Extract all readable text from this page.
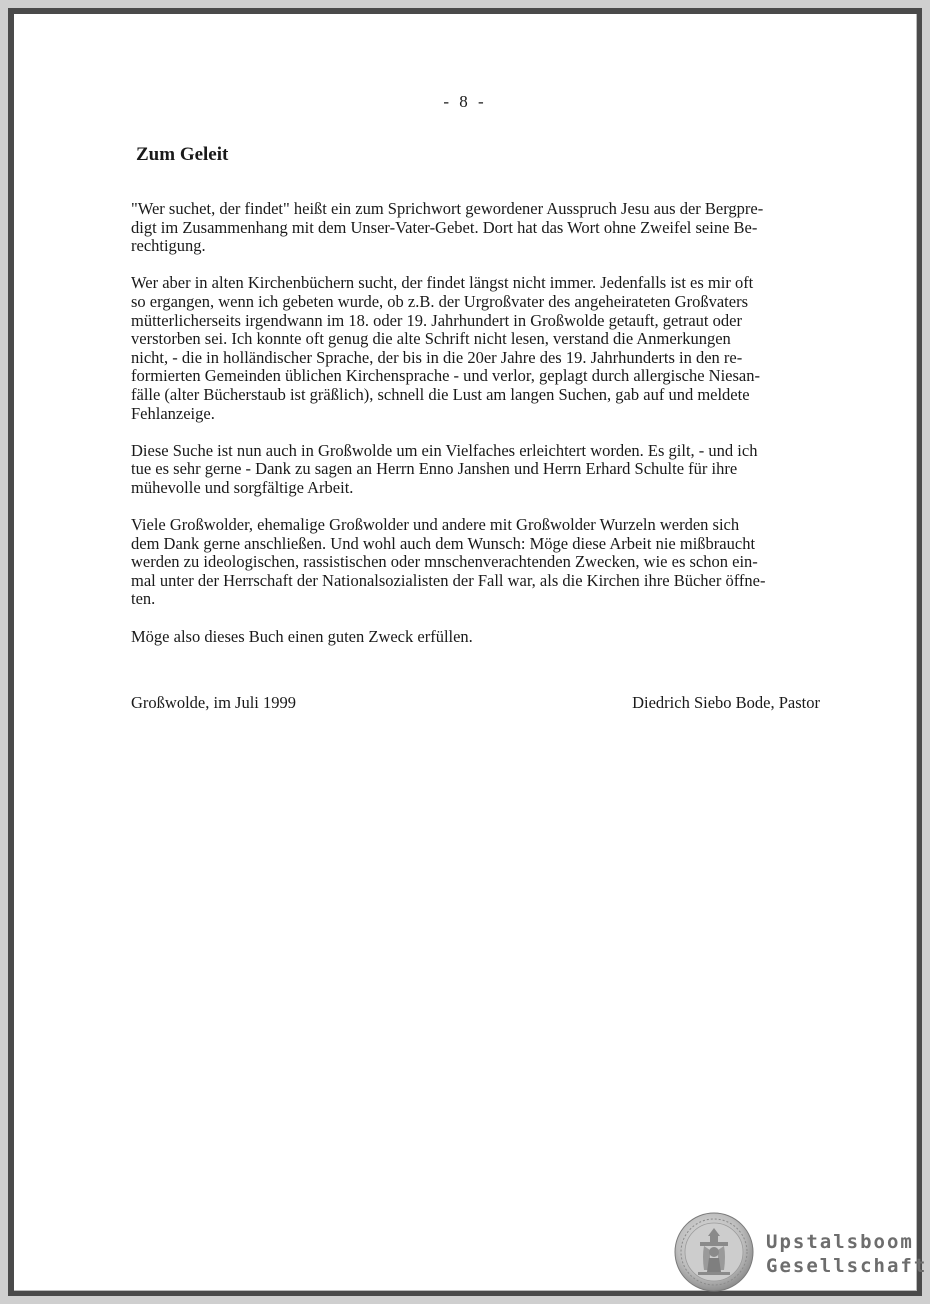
- 8 -
Zum Geleit

"Wer suchet, der findet" heißt ein zum Sprichwort gewordener Ausspruch Jesu aus der Bergpre-
digt im Zusammenhang mit dem Unser-Vater-Gebet. Dort hat das Wort ohne Zweifel seine Be-
rechtigung.

Wer aber in alten Kirchenbüchern sucht, der findet längst nicht immer. Jedenfalls ist es mir oft
so ergangen, wenn ich gebeten wurde, ob z.B. der Urgroßvater des angeheirateten Großvaters
mütterlicherseits irgendwann im 18. oder 19. Jahrhundert in Großwolde getauft, getraut oder
verstorben sei. Ich konnte oft genug die alte Schrift nicht lesen, verstand die Anmerkungen
nicht, - die in holländischer Sprache, der bis in die 20er Jahre des 19. Jahrhunderts in den re-
formierten Gemeinden üblichen Kirchensprache - und verlor, geplagt durch allergische Niesan-
fälle (alter Bücherstaub ist gräßlich), schnell die Lust am langen Suchen, gab auf und meldete
Fehlanzeige.

Diese Suche ist nun auch in Großwolde um ein Vielfaches erleichtert worden. Es gilt, - und ich
tue es sehr gerne - Dank zu sagen an Herrn Enno Janshen und Herrn Erhard Schulte für ihre
mühevolle und sorgfältige Arbeit.

Viele Großwolder, ehemalige Großwolder und andere mit Großwolder Wurzeln werden sich
dem Dank gerne anschließen. Und wohl auch dem Wunsch: Möge diese Arbeit nie mißbraucht
werden zu ideologischen, rassistischen oder mnschenverachtenden Zwecken, wie es schon ein-
mal unter der Herrschaft der Nationalsozialisten der Fall war, als die Kirchen ihre Bücher öffne-
ten.

Möge also dieses Buch einen guten Zweck erfüllen.

Großwolde, im Juli 1999	Diedrich Siebo Bode, Pastor
Upstalsboom
Gesellschaft
